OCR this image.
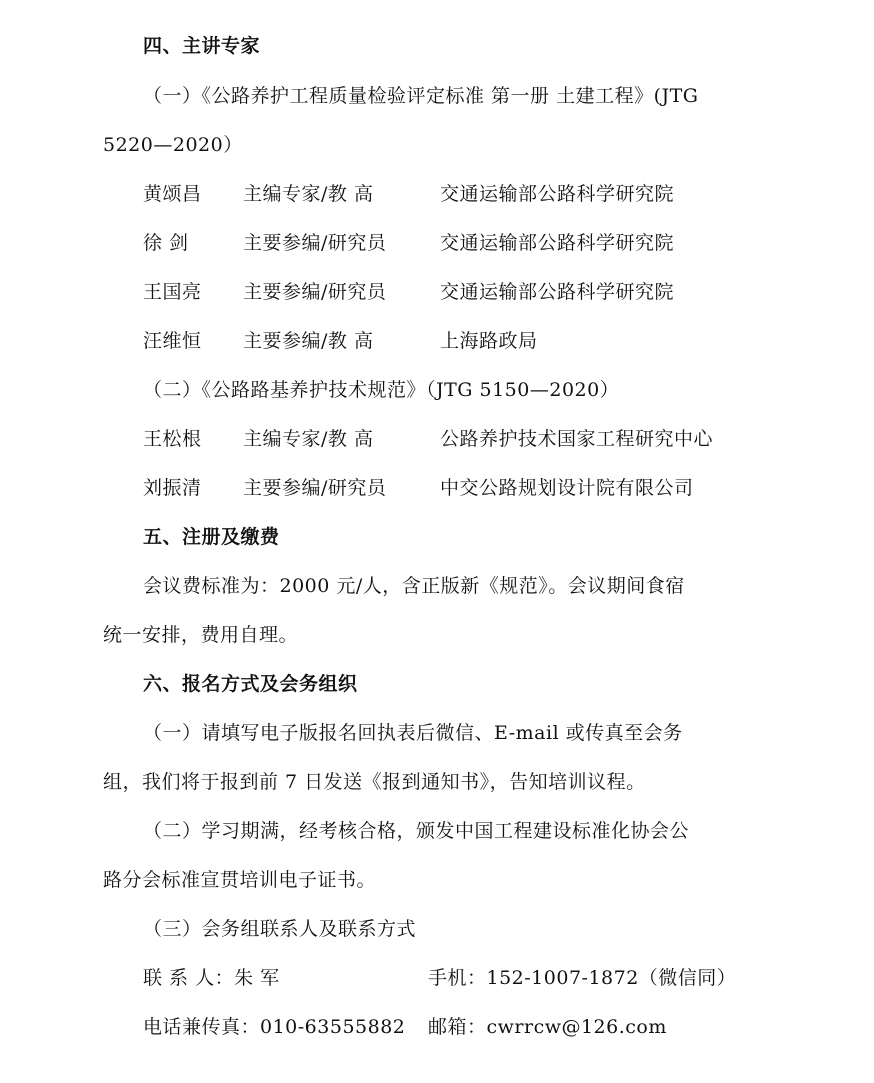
四、主讲专家
（一）《公路养护工程质量检验评定标准 第一册 土建工程》(JTG
5220—2020）
黄颂昌 主编专家/教 高	交通运输部公路科学研究院
徐 剑	主要参编/研究员	交通运输部公路科学研究院
王国亮 主要参编/研究员	交通运输部公路科学研究院
汪维恒 主要参编/教 高	上海路政局
（二）《公路路基养护技术规范》（JTG 5150—2020）
王松根 主编专家/教 高	公路养护技术国家工程研究中心
刘振清 主要参编/研究员	中交公路规划设计院有限公司
五、注册及缴费
会议费标准为：2000 元/人，含正版新《规范》。会议期间食宿
统一安排，费用自理。
六、报名方式及会务组织
（一）请填写电子版报名回执表后微信、E-mail 或传真至会务
组，我们将于报到前 7 日发送《报到通知书》，告知培训议程。
（二）学习期满，经考核合格，颁发中国工程建设标准化协会公
路分会标准宣贯培训电子证书。
（三）会务组联系人及联系方式
联 系 人：朱 军	手机：152-1007-1872（微信同）
电话兼传真：010-63555882 邮箱：cwrrcw@126.com
